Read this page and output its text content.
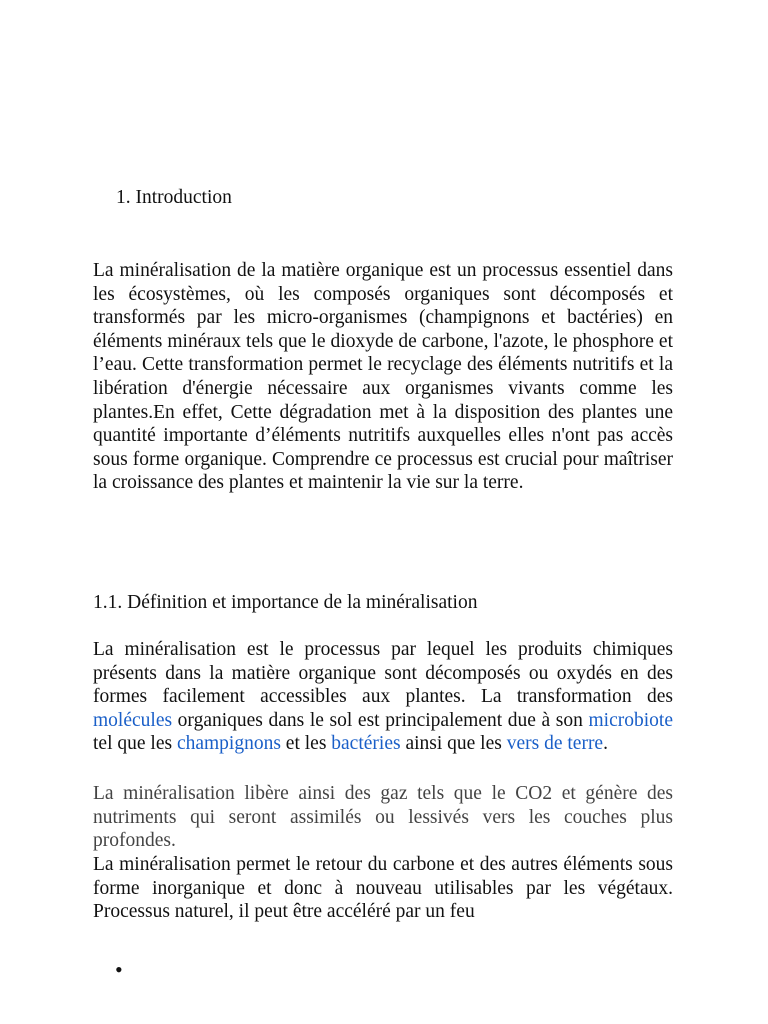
1. Introduction

La minéralisation de la matière organique est un processus essentiel dans les écosystèmes, où les composés organiques sont décomposés et transformés par les micro-organismes (champignons et bactéries) en éléments minéraux tels que le dioxyde de carbone, l'azote, le phosphore et l’eau. Cette transformation permet le recyclage des éléments nutritifs et la libération d'énergie nécessaire aux organismes vivants comme les plantes.En effet, Cette dégradation met à la disposition des plantes une quantité importante d’éléments nutritifs auxquelles elles n'ont pas accès sous forme organique. Comprendre ce processus est crucial pour maîtriser la croissance des plantes et maintenir la vie sur la terre.

1.1. Définition et importance de la minéralisation

La minéralisation est le processus par lequel les produits chimiques présents dans la matière organique sont décomposés ou oxydés en des formes facilement accessibles aux plantes. La transformation des molécules organiques dans le sol est principalement due à son microbiote tel que les champignons et les bactéries ainsi que les vers de terre.

La minéralisation libère ainsi des gaz tels que le CO2 et génère des nutriments qui seront assimilés ou lessivés vers les couches plus profondes.

La minéralisation permet le retour du carbone et des autres éléments sous forme inorganique et donc à nouveau utilisables par les végétaux. Processus naturel, il peut être accéléré par un feu

•
